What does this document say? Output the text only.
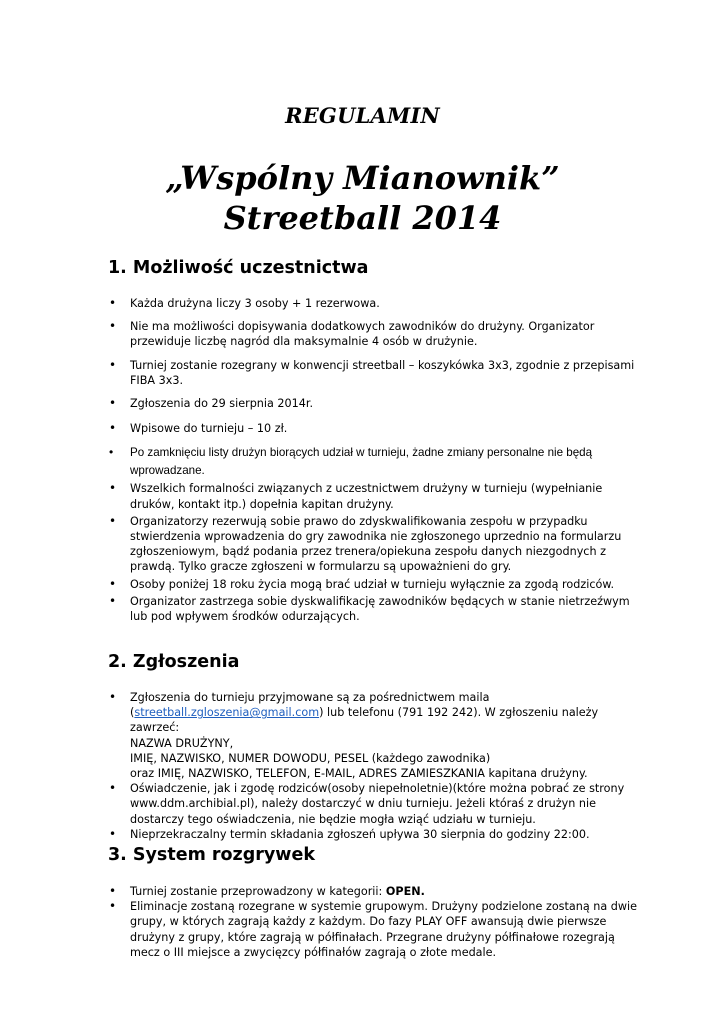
REGULAMIN
„Wspólny Mianownik”
Streetball 2014
1. Możliwość uczestnictwa
• Każda drużyna liczy 3 osoby + 1 rezerwowa.
• Nie ma możliwości dopisywania dodatkowych zawodników do drużyny. Organizator przewiduje liczbę nagród dla maksymalnie 4 osób w drużynie.
• Turniej zostanie rozegrany w konwencji streetball – koszykówka 3x3, zgodnie z przepisami FIBA 3x3.
• Zgłoszenia do 29 sierpnia 2014r.
• Wpisowe do turnieju – 10 zł.
• Po zamknięciu listy drużyn biorących udział w turnieju, żadne zmiany personalne nie będą wprowadzane.
• Wszelkich formalności związanych z uczestnictwem drużyny w turnieju (wypełnianie druków, kontakt itp.) dopełnia kapitan drużyny.
• Organizatorzy rezerwują sobie prawo do zdyskwalifikowania zespołu w przypadku stwierdzenia wprowadzenia do gry zawodnika nie zgłoszonego uprzednio na formularzu zgłoszeniowym, bądź podania przez trenera/opiekuna zespołu danych niezgodnych z prawdą. Tylko gracze zgłoszeni w formularzu są upoważnieni do gry.
• Osoby poniżej 18 roku życia mogą brać udział w turnieju wyłącznie za zgodą rodziców.
• Organizator zastrzega sobie dyskwalifikację zawodników będących w stanie nietrzeźwym lub pod wpływem środków odurzających.
2. Zgłoszenia
• Zgłoszenia do turnieju przyjmowane są za pośrednictwem maila (streetball.zgloszenia@gmail.com) lub telefonu (791 192 242). W zgłoszeniu należy zawrzeć:
NAZWA DRUŻYNY,
IMIĘ, NAZWISKO, NUMER DOWODU, PESEL (każdego zawodnika)
oraz IMIĘ, NAZWISKO, TELEFON, E-MAIL, ADRES ZAMIESZKANIA kapitana drużyny.
• Oświadczenie, jak i zgodę rodziców(osoby niepełnoletnie)(które można pobrać ze strony www.ddm.archibial.pl), należy dostarczyć w dniu turnieju. Jeżeli któraś z drużyn nie dostarczy tego oświadczenia, nie będzie mogła wziąć udziału w turnieju.
• Nieprzekraczalny termin składania zgłoszeń upływa 30 sierpnia do godziny 22:00.
3. System rozgrywek
• Turniej zostanie przeprowadzony w kategorii: OPEN.
• Eliminacje zostaną rozegrane w systemie grupowym. Drużyny podzielone zostaną na dwie grupy, w których zagrają każdy z każdym. Do fazy PLAY OFF awansują dwie pierwsze drużyny z grupy, które zagrają w półfinałach. Przegrane drużyny półfinałowe rozegrają mecz o III miejsce a zwycięzcy półfinałów zagrają o złote medale.
